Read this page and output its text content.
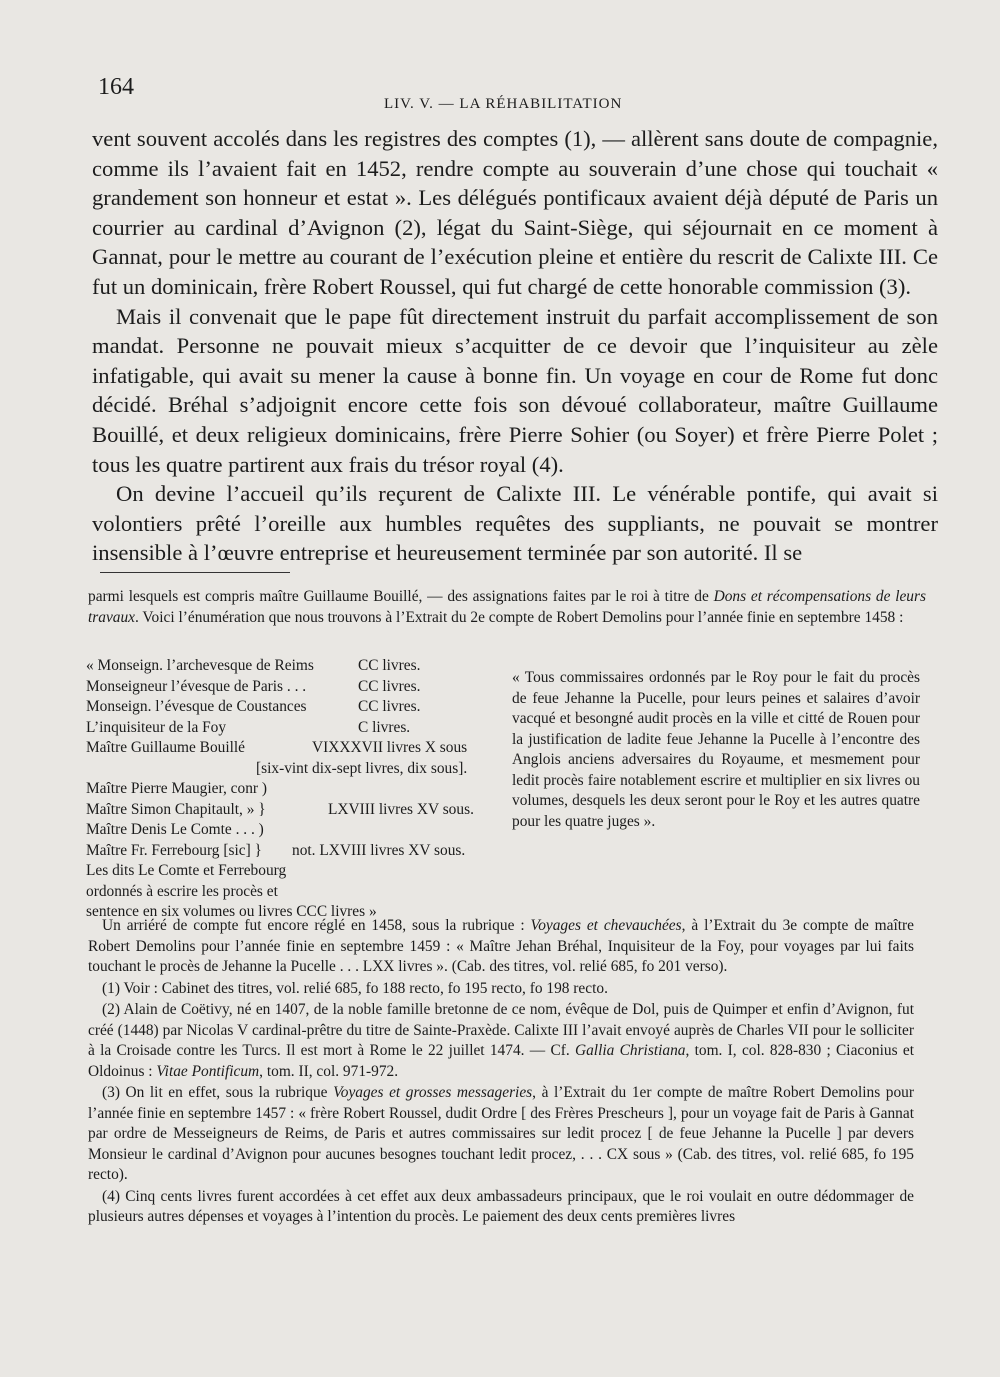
164
LIV. V. — LA RÉHABILITATION

vent souvent accolés dans les registres des comptes (1), — allèrent sans doute de compagnie, comme ils l’avaient fait en 1452, rendre compte au souverain d’une chose qui touchait « grandement son honneur et estat ». Les délégués pontificaux avaient déjà député de Paris un courrier au cardinal d’Avignon (2), légat du Saint-Siège, qui séjournait en ce moment à Gannat, pour le mettre au courant de l’exécution pleine et entière du rescrit de Calixte III. Ce fut un dominicain, frère Robert Roussel, qui fut chargé de cette honorable commission (3).

Mais il convenait que le pape fût directement instruit du parfait accomplissement de son mandat. Personne ne pouvait mieux s’acquitter de ce devoir que l’inquisiteur au zèle infatigable, qui avait su mener la cause à bonne fin. Un voyage en cour de Rome fut donc décidé. Bréhal s’adjoignit encore cette fois son dévoué collaborateur, maître Guillaume Bouillé, et deux religieux dominicains, frère Pierre Sohier (ou Soyer) et frère Pierre Polet ; tous les quatre partirent aux frais du trésor royal (4).

On devine l’accueil qu’ils reçurent de Calixte III. Le vénérable pontife, qui avait si volontiers prêté l’oreille aux humbles requêtes des suppliants, ne pouvait se montrer insensible à l’œuvre entreprise et heureusement terminée par son autorité. Il se

parmi lesquels est compris maître Guillaume Bouillé, — des assignations faites par le roi à titre de Dons et récompensations de leurs travaux. Voici l’énumération que nous trouvons à l’Extrait du 2e compte de Robert Demolins pour l’année finie en septembre 1458 :

« Monseign. l’archevesque de Reims	CC livres.
Monseigneur l’évesque de Paris . . .	CC livres.
Monseign. l’évesque de Coustances	CC livres.
L’inquisiteur de la Foy	C livres.
Maître Guillaume Bouillé	VIXXXVII livres X sous
[six-vint dix-sept livres, dix sous].
Maître Pierre Maugier, conr )
Maître Simon Chapitault, » }	LXVIII livres XV sous.
Maître Denis Le Comte . . . )
Maître Fr. Ferrebourg [sic] } not. LXVIII livres XV sous.
Les dits Le Comte et Ferrebourg
ordonnés à escrire les procès et
sentence en six volumes ou livres CCC livres »

« Tous commissaires ordonnés par le Roy pour le fait du procès de feue Jehanne la Pucelle, pour leurs peines et salaires d’avoir vacqué et besongné audit procès en la ville et citté de Rouen pour la justification de ladite feue Jehanne la Pucelle à l’encontre des Anglois anciens adversaires du Royaume, et mesmement pour ledit procès faire notablement escrire et multiplier en six livres ou volumes, desquels les deux seront pour le Roy et les autres quatre pour les quatre juges ».

Un arriéré de compte fut encore réglé en 1458, sous la rubrique : Voyages et chevauchées, à l’Extrait du 3e compte de maître Robert Demolins pour l’année finie en septembre 1459 : « Maître Jehan Bréhal, Inquisiteur de la Foy, pour voyages par lui faits touchant le procès de Jehanne la Pucelle . . . LXX livres ». (Cab. des titres, vol. relié 685, fo 201 verso).

(1) Voir : Cabinet des titres, vol. relié 685, fo 188 recto, fo 195 recto, fo 198 recto.

(2) Alain de Coëtivy, né en 1407, de la noble famille bretonne de ce nom, évêque de Dol, puis de Quimper et enfin d’Avignon, fut créé (1448) par Nicolas V cardinal-prêtre du titre de Sainte-Praxède. Calixte III l’avait envoyé auprès de Charles VII pour le solliciter à la Croisade contre les Turcs. Il est mort à Rome le 22 juillet 1474. — Cf. Gallia Christiana, tom. I, col. 828-830 ; Ciaconius et Oldoinus : Vitae Pontificum, tom. II, col. 971-972.

(3) On lit en effet, sous la rubrique Voyages et grosses messageries, à l’Extrait du 1er compte de maître Robert Demolins pour l’année finie en septembre 1457 : « frère Robert Roussel, dudit Ordre [ des Frères Prescheurs ], pour un voyage fait de Paris à Gannat par ordre de Messeigneurs de Reims, de Paris et autres commissaires sur ledit procez [ de feue Jehanne la Pucelle ] par devers Monsieur le cardinal d’Avignon pour aucunes besognes touchant ledit procez, . . . CX sous » (Cab. des titres, vol. relié 685, fo 195 recto).

(4) Cinq cents livres furent accordées à cet effet aux deux ambassadeurs principaux, que le roi voulait en outre dédommager de plusieurs autres dépenses et voyages à l’intention du procès. Le paiement des deux cents premières livres
